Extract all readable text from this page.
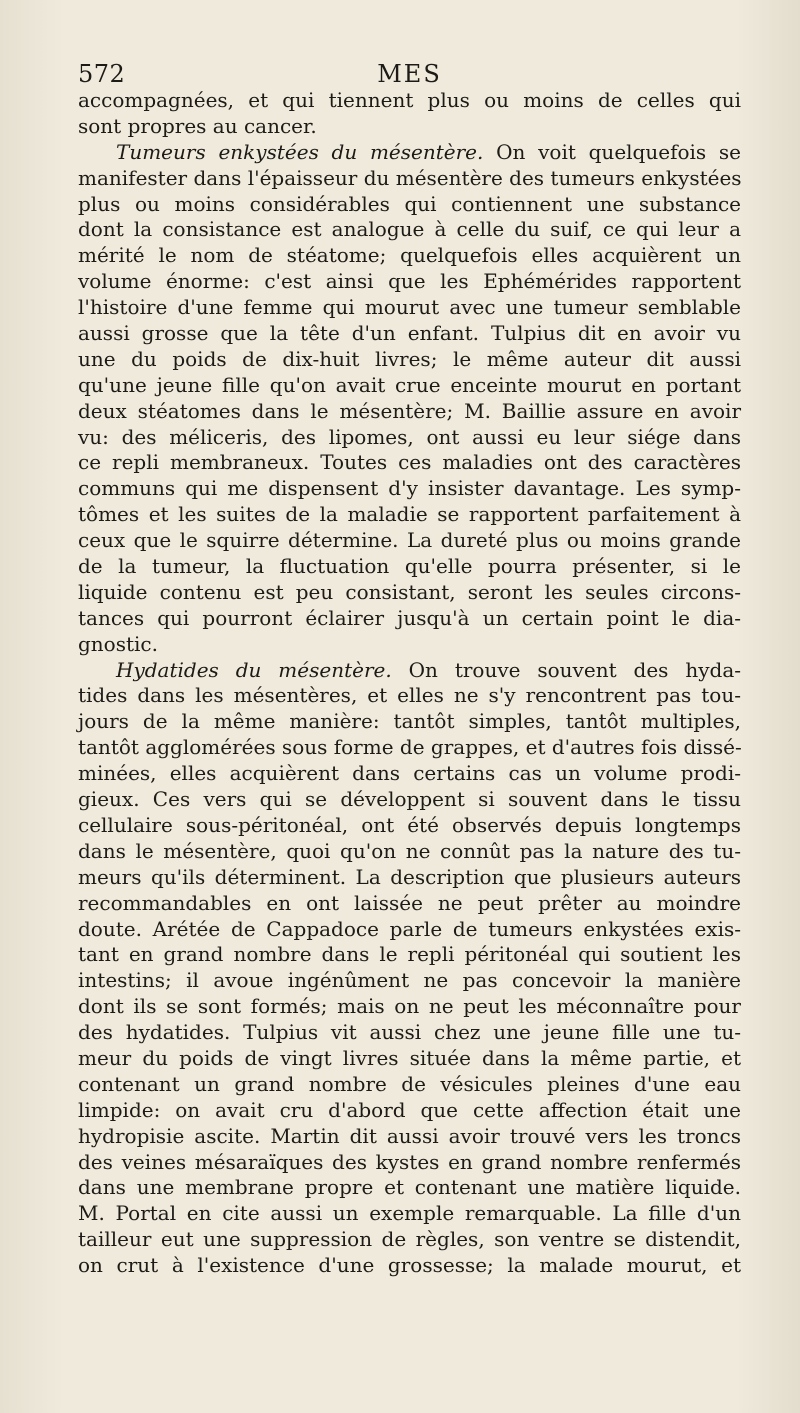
572	MES
accompagnées, et qui tiennent plus ou moins de celles qui
sont propres au cancer.
Tumeurs enkystées du mésentère. On voit quelquefois se
manifester dans l'épaisseur du mésentère des tumeurs enkystées
plus ou moins considérables qui contiennent une substance
dont la consistance est analogue à celle du suif, ce qui leur a
mérité le nom de stéatome; quelquefois elles acquièrent un
volume énorme: c'est ainsi que les Ephémérides rapportent
l'histoire d'une femme qui mourut avec une tumeur semblable
aussi grosse que la tête d'un enfant. Tulpius dit en avoir vu
une du poids de dix-huit livres; le même auteur dit aussi
qu'une jeune fille qu'on avait crue enceinte mourut en portant
deux stéatomes dans le mésentère; M. Baillie assure en avoir
vu: des méliceris, des lipomes, ont aussi eu leur siége dans
ce repli membraneux. Toutes ces maladies ont des caractères
communs qui me dispensent d'y insister davantage. Les symp-
tômes et les suites de la maladie se rapportent parfaitement à
ceux que le squirre détermine. La dureté plus ou moins grande
de la tumeur, la fluctuation qu'elle pourra présenter, si le
liquide contenu est peu consistant, seront les seules circons-
tances qui pourront éclairer jusqu'à un certain point le dia-
gnostic.
Hydatides du mésentère. On trouve souvent des hyda-
tides dans les mésentères, et elles ne s'y rencontrent pas tou-
jours de la même manière: tantôt simples, tantôt multiples,
tantôt agglomérées sous forme de grappes, et d'autres fois dissé-
minées, elles acquièrent dans certains cas un volume prodi-
gieux. Ces vers qui se développent si souvent dans le tissu
cellulaire sous-péritonéal, ont été observés depuis longtemps
dans le mésentère, quoi qu'on ne connût pas la nature des tu-
meurs qu'ils déterminent. La description que plusieurs auteurs
recommandables en ont laissée ne peut prêter au moindre
doute. Arétée de Cappadoce parle de tumeurs enkystées exis-
tant en grand nombre dans le repli péritonéal qui soutient les
intestins; il avoue ingénûment ne pas concevoir la manière
dont ils se sont formés; mais on ne peut les méconnaître pour
des hydatides. Tulpius vit aussi chez une jeune fille une tu-
meur du poids de vingt livres située dans la même partie, et
contenant un grand nombre de vésicules pleines d'une eau
limpide: on avait cru d'abord que cette affection était une
hydropisie ascite. Martin dit aussi avoir trouvé vers les troncs
des veines mésaraïques des kystes en grand nombre renfermés
dans une membrane propre et contenant une matière liquide.
M. Portal en cite aussi un exemple remarquable. La fille d'un
tailleur eut une suppression de règles, son ventre se distendit,
on crut à l'existence d'une grossesse; la malade mourut, et
